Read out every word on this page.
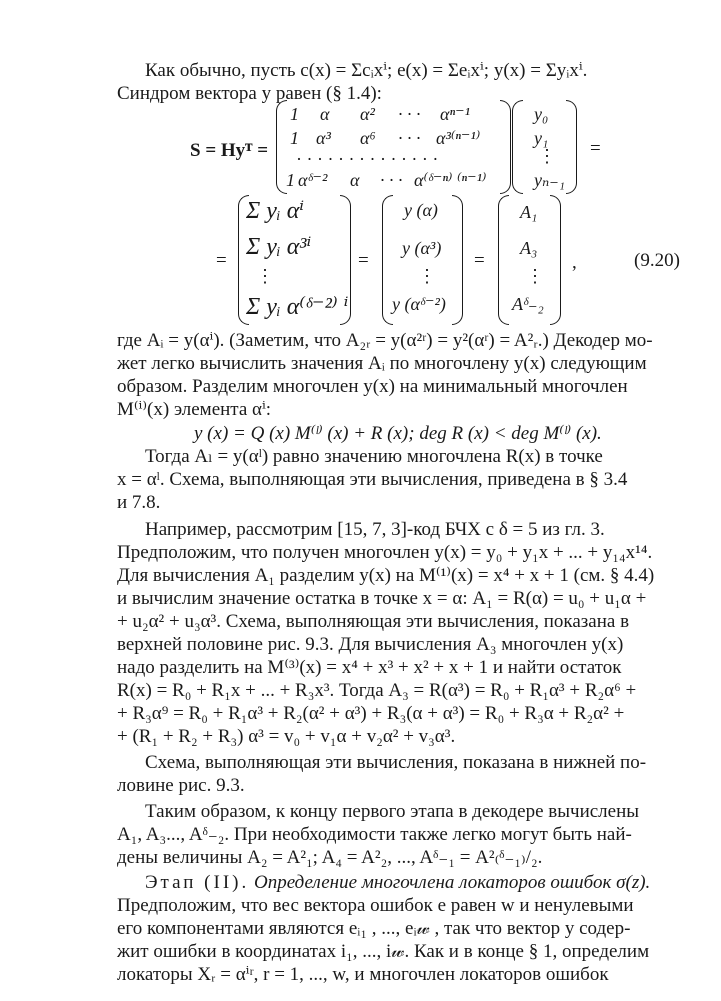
Как обычно, пусть c(x) = Σcᵢxⁱ; e(x) = Σeᵢxⁱ; y(x) = Σyᵢxⁱ.
Синдром вектора y равен (§ 1.4):
S = Hyᵀ =
1 α α² · · · αⁿ⁻¹
1 α³ α⁶ · · · α³⁽ⁿ⁻¹⁾
· · · · · · · · · · · · · ·
1 αᵟ⁻² α · · · α⁽ᵟ⁻ⁿ⁾ ⁽ⁿ⁻¹⁾
y₀
y₁
⋮
yₙ₋₁
=
=
Σ yᵢ αⁱ
Σ yᵢ α³ⁱ
⋮
Σ yᵢ α⁽ᵟ⁻²⁾ ⁱ
=
y (α)
y (α³)
⋮
y (αᵟ⁻²)
=
A₁
A₃
⋮
Aᵟ₋₂
,	(9.20)
где Aᵢ = y(αⁱ). (Заметим, что A₂ᵣ = y(α²ʳ) = y²(αʳ) = A²ᵣ.) Декодер мо-
жет легко вычислить значения Aᵢ по многочлену y(x) следующим
образом. Разделим многочлен y(x) на минимальный многочлен
M⁽ⁱ⁾(x) элемента αⁱ:
y (x) = Q (x) M⁽ˡ⁾ (x) + R (x); deg R (x) < deg M⁽ˡ⁾ (x).
Тогда Aₗ = y(αˡ) равно значению многочлена R(x) в точке
x = αˡ. Схема, выполняющая эти вычисления, приведена в § 3.4
и 7.8.
Например, рассмотрим [15, 7, 3]-код БЧХ с δ = 5 из гл. 3.
Предположим, что получен многочлен y(x) = y₀ + y₁x + ... + y₁₄x¹⁴.
Для вычисления A₁ разделим y(x) на M⁽¹⁾(x) = x⁴ + x + 1 (см. § 4.4)
и вычислим значение остатка в точке x = α: A₁ = R(α) = u₀ + u₁α +
+ u₂α² + u₃α³. Схема, выполняющая эти вычисления, показана в
верхней половине рис. 9.3. Для вычисления A₃ многочлен y(x)
надо разделить на M⁽³⁾(x) = x⁴ + x³ + x² + x + 1 и найти остаток
R(x) = R₀ + R₁x + ... + R₃x³. Тогда A₃ = R(α³) = R₀ + R₁α³ + R₂α⁶ +
+ R₃α⁹ = R₀ + R₁α³ + R₂(α² + α³) + R₃(α + α³) = R₀ + R₃α + R₂α² +
+ (R₁ + R₂ + R₃) α³ = v₀ + v₁α + v₂α² + v₃α³.
Схема, выполняющая эти вычисления, показана в нижней по-
ловине рис. 9.3.
Таким образом, к концу первого этапа в декодере вычислены
A₁, A₃..., Aᵟ₋₂. При необходимости также легко могут быть най-
дены величины A₂ = A²₁; A₄ = A²₂, ..., Aᵟ₋₁ = A²₍ᵟ₋₁₎/₂.
Этап (II). Определение многочлена локаторов ошибок σ(z).
Предположим, что вес вектора ошибок e равен w и ненулевыми
его компонентами являются eᵢ₁ , ..., eᵢ𝓌 , так что вектор y содер-
жит ошибки в координатах i₁, ..., i𝓌. Как и в конце § 1, определим
локаторы Xᵣ = αⁱʳ, r = 1, ..., w, и многочлен локаторов ошибок
